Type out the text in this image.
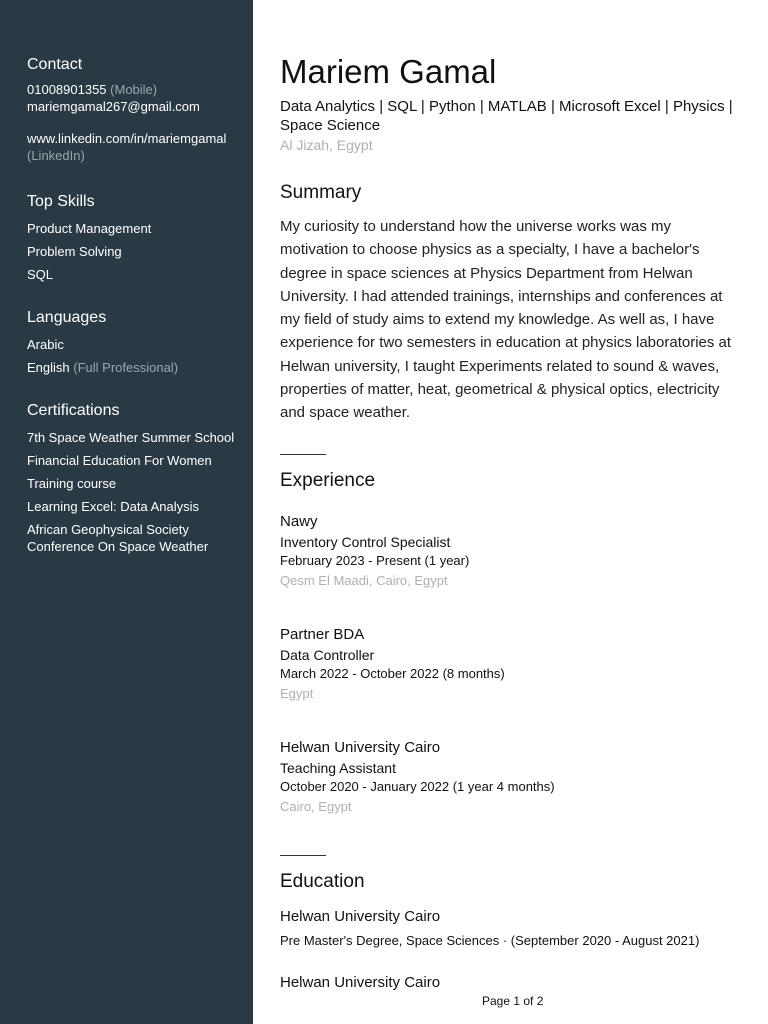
Contact
01008901355 (Mobile)
mariemgamal267@gmail.com
www.linkedin.com/in/mariemgamal
(LinkedIn)
Top Skills
Product Management
Problem Solving
SQL
Languages
Arabic
English (Full Professional)
Certifications
7th Space Weather Summer School
Financial Education For Women
Training course
Learning Excel: Data Analysis
African Geophysical Society Conference On Space Weather
Mariem Gamal
Data Analytics | SQL | Python | MATLAB | Microsoft Excel | Physics | Space Science
Al Jizah, Egypt
Summary
My curiosity to understand how the universe works was my motivation to choose physics as a specialty, I have a bachelor's degree in space sciences at Physics Department from Helwan University. I had attended trainings, internships and conferences at my field of study aims to extend my knowledge. As well as, I have experience for two semesters in education at physics laboratories at Helwan university, I taught Experiments related to sound & waves, properties of matter, heat, geometrical & physical optics, electricity and space weather.
Experience
Nawy
Inventory Control Specialist
February 2023 - Present (1 year)
Qesm El Maadi, Cairo, Egypt
Partner BDA
Data Controller
March 2022 - October 2022 (8 months)
Egypt
Helwan University Cairo
Teaching Assistant
October 2020 - January 2022 (1 year 4 months)
Cairo, Egypt
Education
Helwan University Cairo
Pre Master's Degree, Space Sciences · (September 2020 - August 2021)
Helwan University Cairo
Page 1 of 2
